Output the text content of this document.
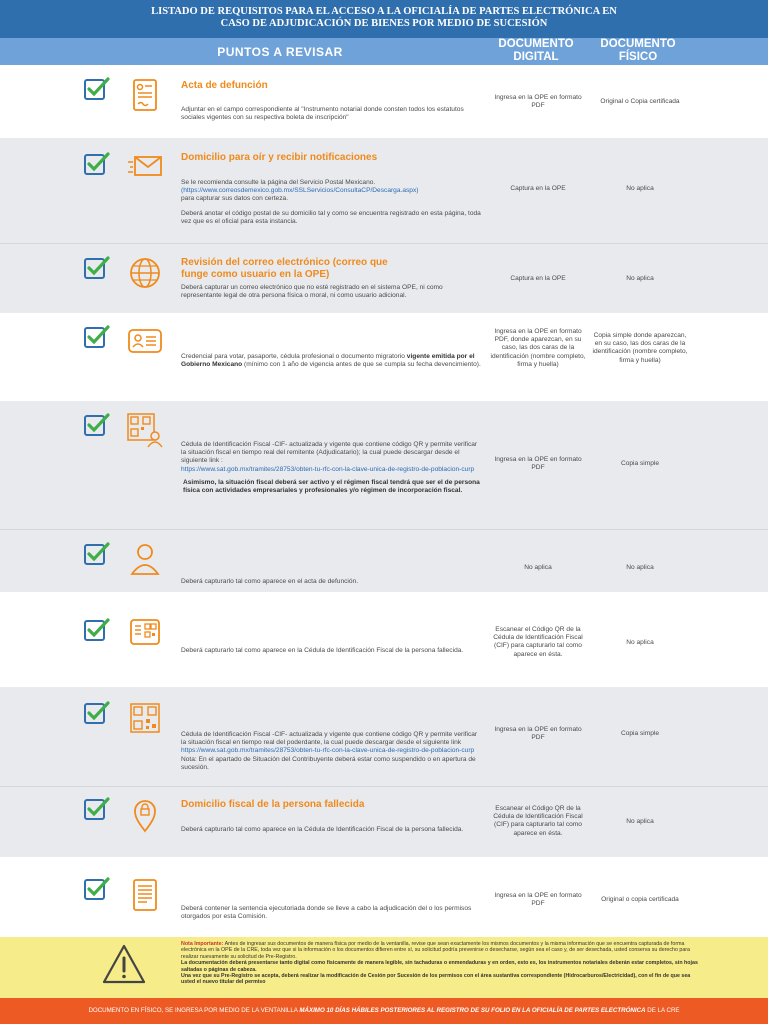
LISTADO DE REQUISITOS PARA EL ACCESO A LA OFICIALÍA DE PARTES ELECTRÓNICA EN
CASO DE ADJUDICACIÓN DE BIENES POR MEDIO DE SUCESIÓN
PUNTOS A REVISAR
DOCUMENTO
DIGITAL
DOCUMENTO
FÍSICO
Acta de defunción
Adjuntar en el campo correspondiente al "Instrumento notarial donde consten todos los estatutos sociales vigentes con su respectiva boleta de inscripción"
Ingresa en la OPE en formato PDF
Original o Copia certificada
Domicilio para oír y recibir notificaciones
Se le recomienda consulte la página del Servicio Postal Mexicano.
(https://www.correosdemexico.gob.mx/SSLServicios/ConsultaCP/Descarga.aspx)
para capturar sus datos con certeza.
Deberá anotar el código postal de su domicilio tal y como se encuentra registrado en esta página, toda vez que es el oficial para esta instancia.
Captura en la OPE	No aplica
Revisión del correo electrónico (correo que
funge como usuario en la OPE)
Deberá capturar un correo electrónico que no esté registrado en el sistema OPE, ni como representante legal de otra persona física o moral, ni como usuario adicional.
Captura en la OPE	No aplica
Credencial para votar, pasaporte, cédula profesional o documento migratorio vigente emitida por el Gobierno Mexicano (mínimo con 1 año de vigencia antes de que se cumpla su fecha devencimiento).
Ingresa en la OPE en formato PDF, donde aparezcan, en su caso, las dos caras de la identificación (nombre completo, firma y huella)
Copia simple donde aparezcan, en su caso, las dos caras de la identificación (nombre completo, firma y huella)
Cédula de Identificación Fiscal -CIF- actualizada y vigente que contiene código QR y permite verificar la situación fiscal en tiempo real del remitente (Adjudicatario); la cual puede descargar desde el siguiente link :
https://www.sat.gob.mx/tramites/28753/obten-tu-rfc-con-la-clave-unica-de-registro-de-poblacion-curp
Asimismo, la situación fiscal deberá ser activo y el régimen fiscal tendrá que ser el de persona física con actividades empresariales y profesionales y/o régimen de incorporación fiscal.
Ingresa en la OPE en formato PDF
Copia simple
Deberá capturarlo tal como aparece en el acta de defunción.
No aplica	No aplica
Deberá capturarlo tal como aparece en la Cédula de Identificación Fiscal de la persona fallecida.
Escanear el Código QR de la Cédula de Identificación Fiscal (CIF) para capturarlo tal como aparece en ésta.
No aplica
Cédula de Identificación Fiscal -CIF- actualizada y vigente que contiene código QR y permite verificar la situación fiscal en tiempo real del poderdante, la cual puede descargar desde el siguiente link
https://www.sat.gob.mx/tramites/28753/obten-tu-rfc-con-la-clave-unica-de-registro-de-poblacion-curp
Nota: En el apartado de Situación del Contribuyente deberá estar como suspendido o en apertura de sucesión.
Ingresa en la OPE en formato PDF
Copia simple
Domicilio fiscal de la persona fallecida
Deberá capturarlo tal como aparece en la Cédula de Identificación Fiscal de la persona fallecida.
Escanear el Código QR de la Cédula de Identificación Fiscal (CIF) para capturarlo tal como aparece en ésta.
No aplica
Deberá contener la sentencia ejecutoriada donde se lleve a cabo la adjudicación del o los permisos otorgados por esta Comisión.
Ingresa en la OPE en formato PDF
Original o copia certificada
Nota Importante: Antes de ingresar sus documentos de manera física por medio de la ventanilla, revise que sean exactamente los mismos documentos y la misma información que se encuentra capturada de forma electrónica en la OPE de la CRE, toda vez que si la información o los documentos difieren entre sí, su solicitud podría prevenirse o desecharse, según sea el caso y, de ser desechada, usted conserva su derecho para realizar nuevamente su solicitud de Pre-Registro.
La documentación deberá presentarse tanto digital como físicamente de manera legible, sin tachaduras o enmendaduras y en orden, esto es, los instrumentos notariales deberán estar completos, sin hojas saltadas o páginas de cabeza.
Una vez que su Pre-Registro se acepta, deberá realizar la modificación de Cesión por Sucesión de los permisos con el área sustantiva correspondiente (Hidrocarburos/Electricidad), con el fin de que sea usted el nuevo titular del permiso
DOCUMENTO EN FÍSICO, SE INGRESA POR MEDIO DE LA VENTANILLA MÁXIMO 10 DÍAS HÁBILES POSTERIORES AL REGISTRO DE SU FOLIO EN LA OFICIALÍA DE PARTES ELECTRÓNICA DE LA CRE
